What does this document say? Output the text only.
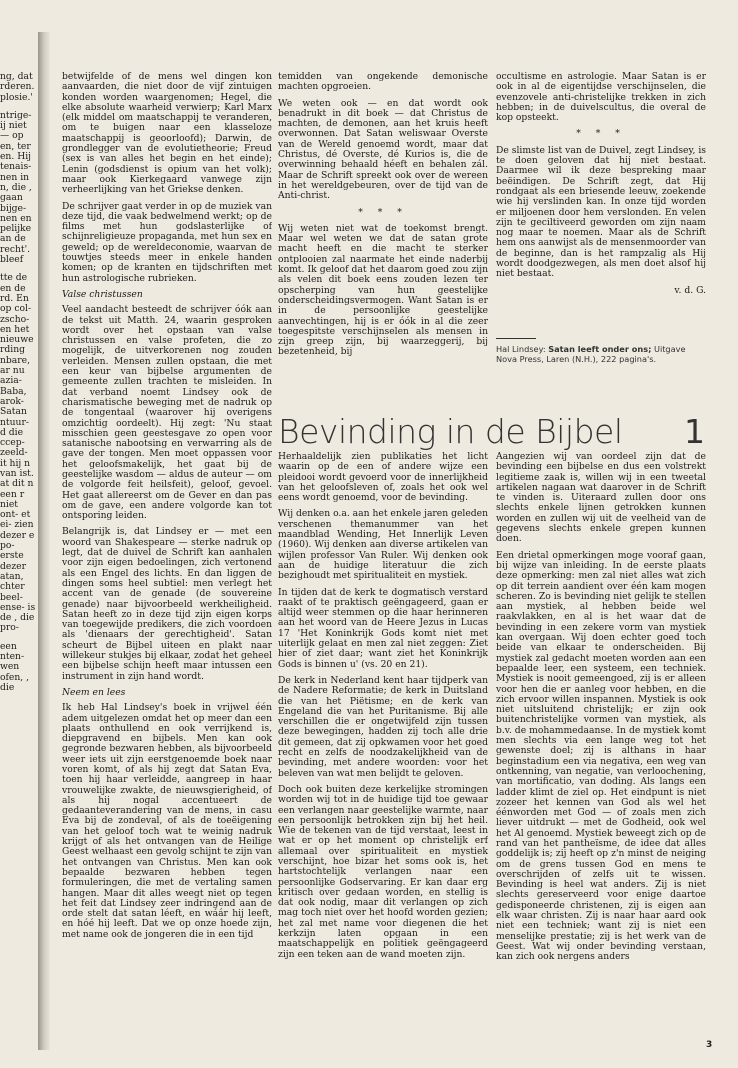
ng, dat rderen. plosie.'

ntrige- ij niet — op en, ter en. Hij tenais- nen in n, die , gaan bijge- nen en pelijke an de recht'. bleef

tte de en de rd. En op col- zscho- en het nieuwe rding nbare, ar nu azia- Baba, arok- Satan ntuur- d die ccep- zeeld- it hij n van ist. at dit n een r niet ont- et ei- zien dezer e po- erste dezer atan, chter beel- ense- is de , die pro-

een nten- wen ofen, , die

betwijfelde of de mens wel dingen kon aanvaarden, die niet door de vijf zintuigen konden worden waargenomen; Hegel, die elke absolute waarheid verwierp; Karl Marx (elk middel om maatschappij te veranderen, om te buigen naar een klasseloze maatschappij is geoorloofd); Darwin, de grondlegger van de evolutietheorie; Freud (sex is van alles het begin en het einde); Lenin (godsdienst is opium van het volk); maar ook Kierkegaard vanwege zijn verheerlijking van het Griekse denken.

De schrijver gaat verder in op de muziek van deze tijd, die vaak bedwelmend werkt; op de films met hun godslasterlijke of schijnreligieuze propaganda, met hun sex en geweld; op de wereldeconomie, waarvan de touwtjes steeds meer in enkele handen komen; op de kranten en tijdschriften met hun astrologische rubrieken.

Valse christussen

Veel aandacht besteedt de schrijver óók aan de tekst uit Matth. 24, waarin gesproken wordt over het opstaan van valse christussen en valse profeten, die zo mogelijk, de uitverkorenen nog zouden verleiden. Mensen zullen opstaan, die met een keur van bijbelse argumenten de gemeente zullen trachten te misleiden. In dat verband noemt Lindsey ook de charismatische beweging met de nadruk op de tongentaal (waarover hij overigens omzichtig oordeelt). Hij zegt: 'Nu staat misschien geen geestesgave zo open voor satanische nabootsing en verwarring als de gave der tongen. Men moet oppassen voor het geloofsmakelijk, het gaat bij de geestelijke wasdom — aldus de auteur — om de volgorde feit heilsfeit), geloof, gevoel. Het gaat allereerst om de Gever en dan pas om de gave, een andere volgorde kan tot ontsporing leiden.

Belangrijk is, dat Lindsey er — met een woord van Shakespeare — sterke nadruk op legt, dat de duivel de Schrift kan aanhalen voor zijn eigen bedoelingen, zich vertonend als een Engel des lichts. En dan liggen de dingen soms heel subtiel: men verlegt het accent van de genade (de souvereine genade) naar bijvoorbeeld werkheiligheid. Satan heeft zo in deze tijd zijn eigen korps van toegewijde predikers, die zich voordoen als 'dienaars der gerechtigheid'. Satan scheurt de Bijbel uiteen en plakt naar willekeur stukjes bij elkaar, zodat het geheel een bijbelse schijn heeft maar intussen een instrument in zijn hand wordt.

Neem en lees

Ik heb Hal Lindsey's boek in vrijwel één adem uitgelezen omdat het op meer dan een plaats onthullend en ook verrijkend is, diepgravend en bijbels. Men kan ook gegronde bezwaren hebben, als bijvoorbeeld weer iets uit zijn eerstgenoemde boek naar voren komt, of als hij zegt dat Satan Eva, toen hij haar verleidde, aangreep in haar vrouwelijke zwakte, de nieuwsgierigheid, of als hij nogal accentueert de gedaanteverandering van de mens, in casu Eva bij de zondeval, of als de toeëigening van het geloof toch wat te weinig nadruk krijgt of als het ontvangen van de Heilige Geest welhaast een gevolg schijnt te zijn van het ontvangen van Christus. Men kan ook bepaalde bezwaren hebben tegen formuleringen, die met de vertaling samen hangen. Maar dit alles weegt niet op tegen het feit dat Lindsey zeer indringend aan de orde stelt dat satan léeft, en wáár hij leeft, en hóé hij leeft. Dat we op onze hoede zijn, met name ook de jongeren die in een tijd

temidden van ongekende demonische machten opgroeien.

We weten ook — en dat wordt ook benadrukt in dit boek — dat Christus de machten, de demonen, aan het kruis heeft overwonnen. Dat Satan weliswaar Overste van de Wereld genoemd wordt, maar dat Christus, dé Overste, dé Kurios is, die de overwinning behaald héeft en behalen zál. Maar de Schrift spreekt ook over de wereen in het wereldgebeuren, over de tijd van de Anti-christ.

* * *

Wij weten niet wat de toekomst brengt. Maar wel weten we dat de satan grote macht heeft en die macht te sterker ontplooien zal naarmate het einde naderbij komt. Ik geloof dat het daarom goed zou zijn als velen dit boek eens zouden lezen ter opscherping van hun geestelijke onderscheidingsvermogen. Want Satan is er in de persoonlijke geestelijke aanvechtingen, hij is er óók in al die zeer toegespitste verschijnselen als mensen in zijn greep zijn, bij waarzeggerij, bij bezetenheid, bij

occultisme en astrologie. Maar Satan is er ook in al de eigentijdse verschijnselen, die evenzovele anti-christelijke trekken in zich hebben; in de duivelscultus, die overal de kop opsteekt.

* * *

De slimste list van de Duivel, zegt Lindsey, is te doen geloven dat hij niet bestaat. Daarmee wil ik deze bespreking maar beëindigen. De Schrift zegt, dat Hij rondgaat als een briesende leeuw, zoekende wie hij verslinden kan. In onze tijd worden er miljoenen door hem verslonden. En velen zijn te geciltiveerd geworden om zijn naam nog maar te noemen. Maar als de Schrift hem ons aanwijst als de mensenmoorder van de beginne, dan is het rampzalig als Hij wordt doodgezwegen, als men doet alsof hij niet bestaat.

v. d. G.
Hal Lindsey: Satan leeft onder ons; Uitgave Nova Press, Laren (N.H.), 222 pagina's.
Bevinding in de Bijbel 1

Herhaaldelijk zien publikaties het licht waarin op de een of andere wijze een pleidooi wordt gevoerd voor de innerlijkheid van het geloofsleven of, zoals het ook wel eens wordt genoemd, voor de bevinding.

Wij denken o.a. aan het enkele jaren geleden verschenen themanummer van het maandblad Wending, Het Innerlijk Leven (1960). Wij denken aan diverse artikelen van wijlen professor Van Ruler. Wij denken ook aan de huidige literatuur die zich bezighoudt met spiritualiteit en mystiek.

In tijden dat de kerk te dogmatisch verstard raakt of te praktisch geëngageerd, gaan er altijd weer stemmen op die haar herinneren aan het woord van de Heere Jezus in Lucas 17 'Het Koninkrijk Gods komt niet met uiterlijk gelaat en men zal niet zeggen: Ziet hier of ziet daar; want ziet het Koninkrijk Gods is binnen u' (vs. 20 en 21).

De kerk in Nederland kent haar tijdperk van de Nadere Reformatie; de kerk in Duitsland die van het Piëtisme; en de kerk van Engeland die van het Puritanisme. Bij alle verschillen die er ongetwijfeld zijn tussen deze bewegingen, hadden zij toch alle drie dit gemeen, dat zij opkwamen voor het goed recht en zelfs de noodzakelijkheid van de bevinding, met andere woorden: voor het beleven van wat men belijdt te geloven.

Doch ook buiten deze kerkelijke stromingen worden wij tot in de huidige tijd toe gewaar een verlangen naar geestelijke warmte, naar een persoonlijk betrokken zijn bij het heil. Wie de tekenen van de tijd verstaat, leest in wat er op het moment op christelijk erf allemaal over spiritualiteit en mystiek verschijnt, hoe bizar het soms ook is, het hartstochtelijk verlangen naar een persoonlijke Godservaring. Er kan daar erg kritisch over gedaan worden, en stellig is dat ook nodig, maar dit verlangen op zich mag toch niet over het hoofd worden gezien; het zal met name voor diegenen die het kerkzijn laten opgaan in een maatschappelijk en politiek geëngageerd zijn een teken aan de wand moeten zijn.

Aangezien wij van oordeel zijn dat de bevinding een bijbelse en dus een volstrekt legitieme zaak is, willen wij in een tweetal artikelen nagaan wat daarover in de Schrift te vinden is. Uiteraard zullen door ons slechts enkele lijnen getrokken kunnen worden en zullen wij uit de veelheid van de gegevens slechts enkele grepen kunnen doen.

Een drietal opmerkingen moge vooraf gaan, bij wijze van inleiding. In de eerste plaats deze opmerking: men zal niet alles wat zich op dit terrein aandient over één kam mogen scheren. Zo is bevinding niet gelijk te stellen aan mystiek, al hebben beide wel raakvlakken, en al is het waar dat de bevinding in een zekere vorm van mystiek kan overgaan. Wij doen echter goed toch beide van elkaar te onderscheiden. Bij mystiek zal gedacht moeten worden aan een bepaalde leer, een systeem, een techniek. Mystiek is nooit gemeengoed, zij is er alleen voor hen die er aanleg voor hebben, en die zich ervoor willen inspannen. Mystiek is ook niet uitsluitend christelijk; er zijn ook buitenchristelijke vormen van mystiek, als b.v. de mohammedaanse. In de mystiek komt men slechts via een lange weg tot het gewenste doel; zij is althans in haar beginstadium een via negativa, een weg van ontkenning, van negatie, van verloochening, van mortificatio, van doding. Als langs een ladder klimt de ziel op. Het eindpunt is niet zozeer het kennen van God als wel het éénworden met God — of zoals men zich liever uitdrukt — met de Godheid, ook wel het Al genoemd. Mystiek beweegt zich op de rand van het pantheïsme, de idee dat alles goddelijk is; zij heeft op z'n minst de neiging om de grens tussen God en mens te overschrijden of zelfs uit te wissen. Bevinding is heel wat anders. Zij is niet slechts gereserveerd voor enige daartoe gedisponeerde christenen, zij is eigen aan elk waar christen. Zij is naar haar aard ook niet een techniek; want zij is niet een menselijke prestatie; zij is het werk van de Geest. Wat wij onder bevinding verstaan, kan zich ook nergens anders

3
